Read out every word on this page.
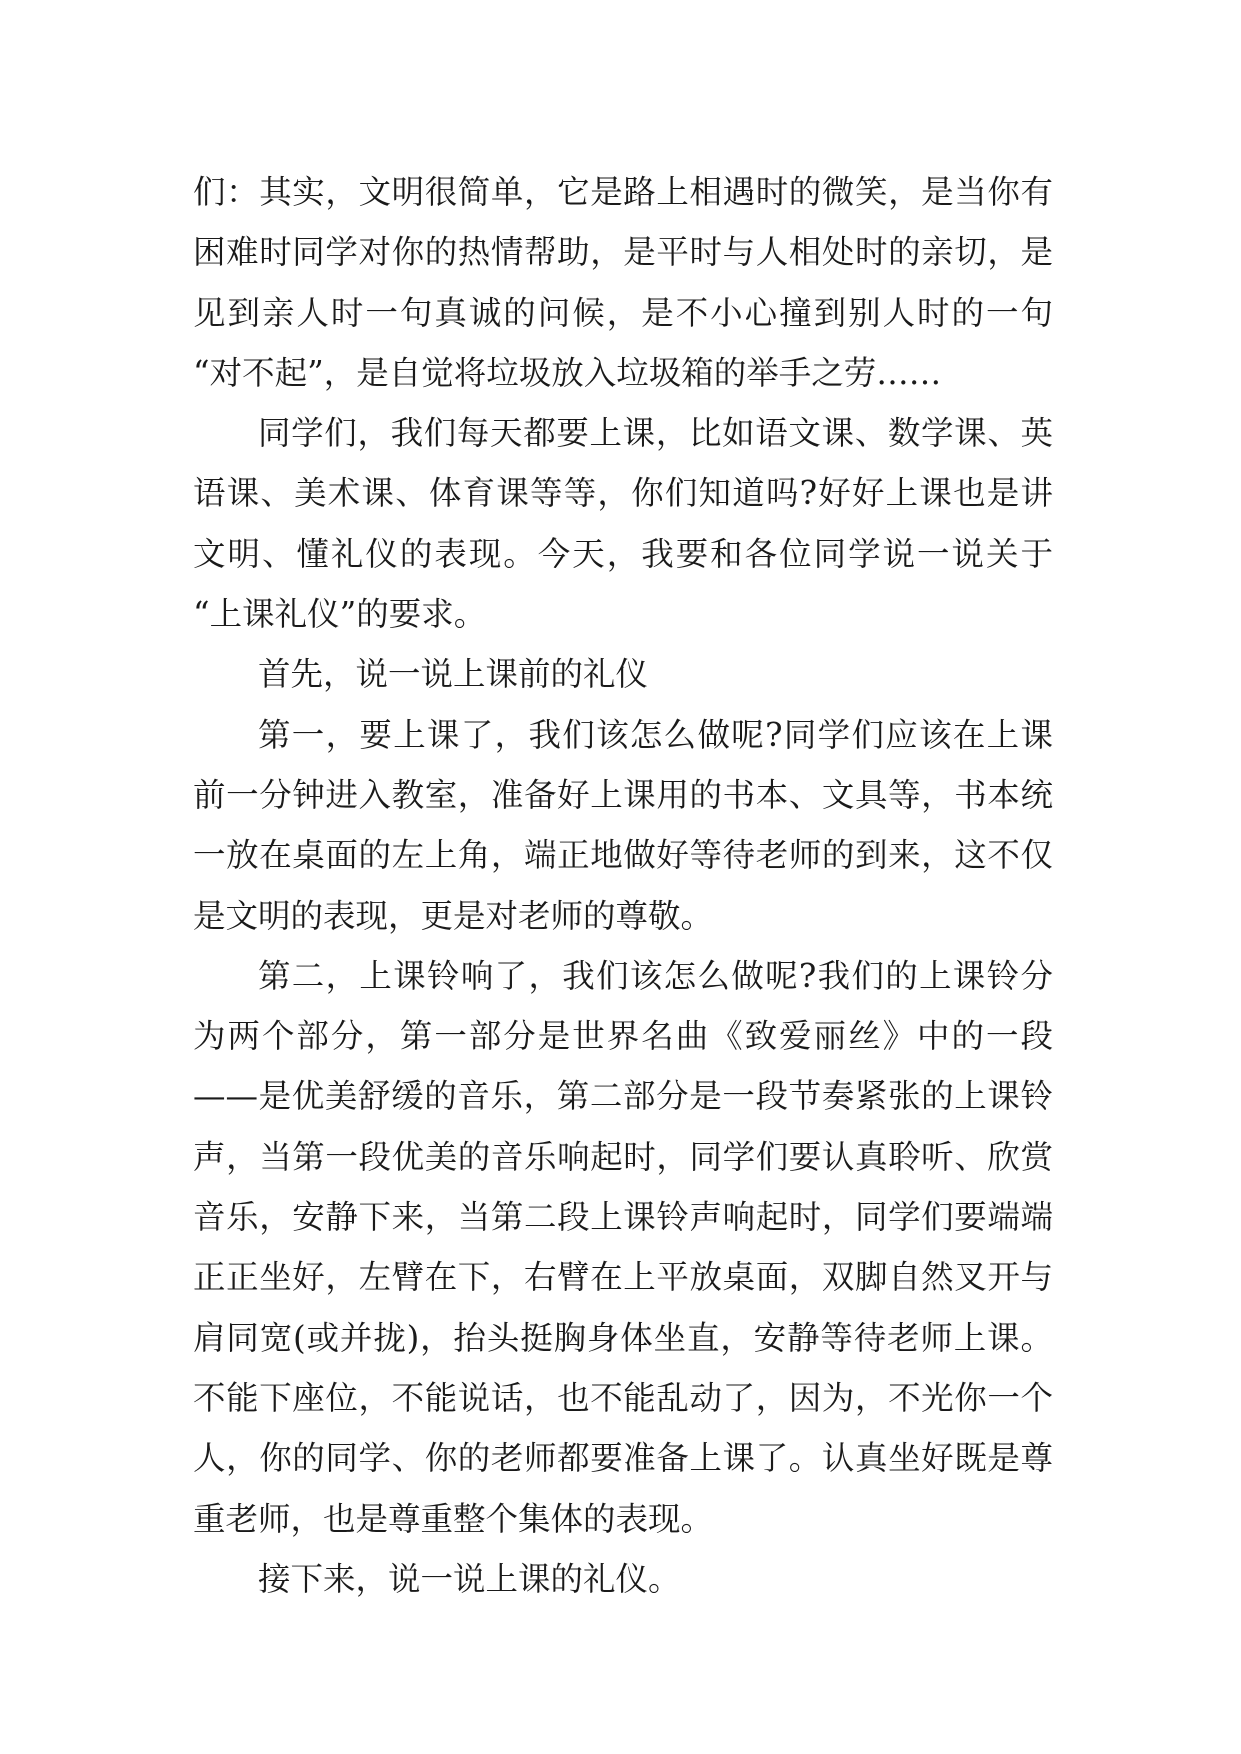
们：其实，文明很简单，它是路上相遇时的微笑，是当你有
困难时同学对你的热情帮助，是平时与人相处时的亲切，是
见到亲人时一句真诚的问候，是不小心撞到别人时的一句
“对不起”，是自觉将垃圾放入垃圾箱的举手之劳……
同学们，我们每天都要上课，比如语文课、数学课、英
语课、美术课、体育课等等，你们知道吗?好好上课也是讲
文明、懂礼仪的表现。今天，我要和各位同学说一说关于
“上课礼仪”的要求。
首先，说一说上课前的礼仪
第一，要上课了，我们该怎么做呢?同学们应该在上课
前一分钟进入教室，准备好上课用的书本、文具等，书本统
一放在桌面的左上角，端正地做好等待老师的到来，这不仅
是文明的表现，更是对老师的尊敬。
第二，上课铃响了，我们该怎么做呢?我们的上课铃分
为两个部分，第一部分是世界名曲《致爱丽丝》中的一段
——是优美舒缓的音乐，第二部分是一段节奏紧张的上课铃
声，当第一段优美的音乐响起时，同学们要认真聆听、欣赏
音乐，安静下来，当第二段上课铃声响起时，同学们要端端
正正坐好，左臂在下，右臂在上平放桌面，双脚自然叉开与
肩同宽(或并拢)，抬头挺胸身体坐直，安静等待老师上课。
不能下座位，不能说话，也不能乱动了，因为，不光你一个
人，你的同学、你的老师都要准备上课了。认真坐好既是尊
重老师，也是尊重整个集体的表现。
接下来，说一说上课的礼仪。
